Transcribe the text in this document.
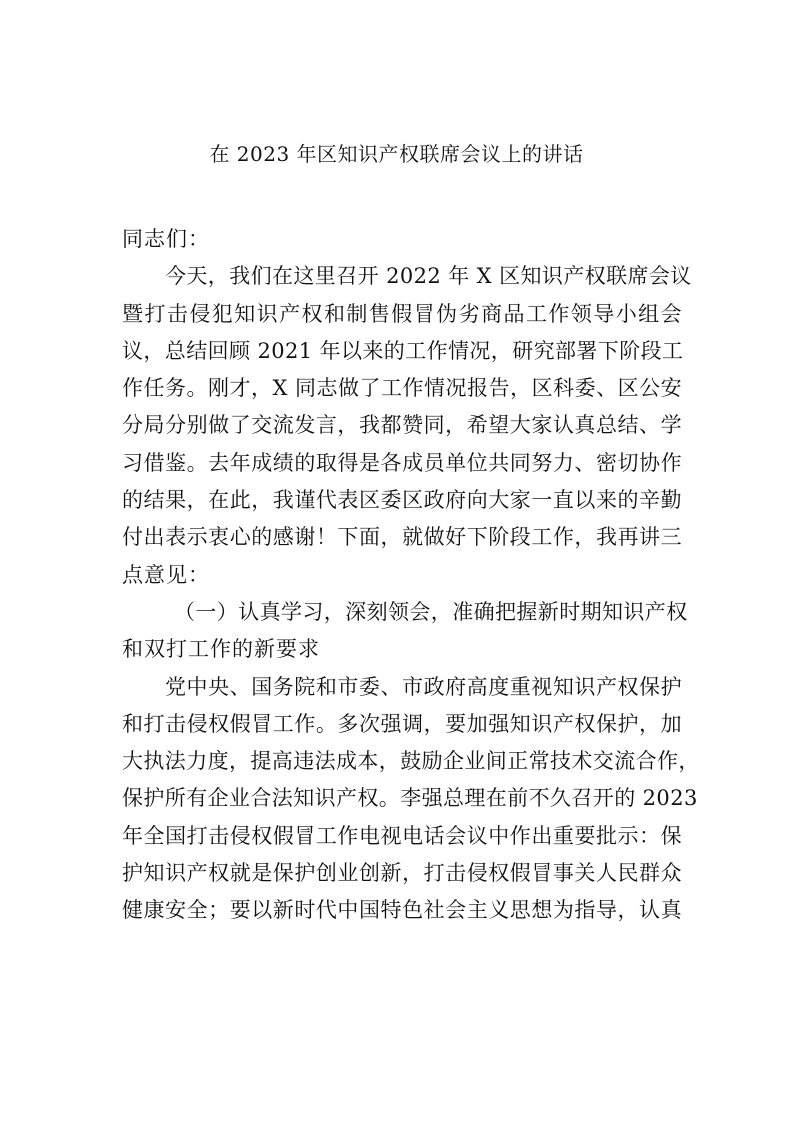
在 2023 年区知识产权联席会议上的讲话
同志们：
今天，我们在这里召开 2022 年 X 区知识产权联席会议
暨打击侵犯知识产权和制售假冒伪劣商品工作领导小组会
议，总结回顾 2021 年以来的工作情况，研究部署下阶段工
作任务。刚才，X 同志做了工作情况报告，区科委、区公安
分局分别做了交流发言，我都赞同，希望大家认真总结、学
习借鉴。去年成绩的取得是各成员单位共同努力、密切协作
的结果，在此，我谨代表区委区政府向大家一直以来的辛勤
付出表示衷心的感谢！下面，就做好下阶段工作，我再讲三
点意见：
（一）认真学习，深刻领会，准确把握新时期知识产权
和双打工作的新要求
党中央、国务院和市委、市政府高度重视知识产权保护
和打击侵权假冒工作。多次强调，要加强知识产权保护，加
大执法力度，提高违法成本，鼓励企业间正常技术交流合作，
保护所有企业合法知识产权。李强总理在前不久召开的 2023
年全国打击侵权假冒工作电视电话会议中作出重要批示：保
护知识产权就是保护创业创新，打击侵权假冒事关人民群众
健康安全；要以新时代中国特色社会主义思想为指导，认真
